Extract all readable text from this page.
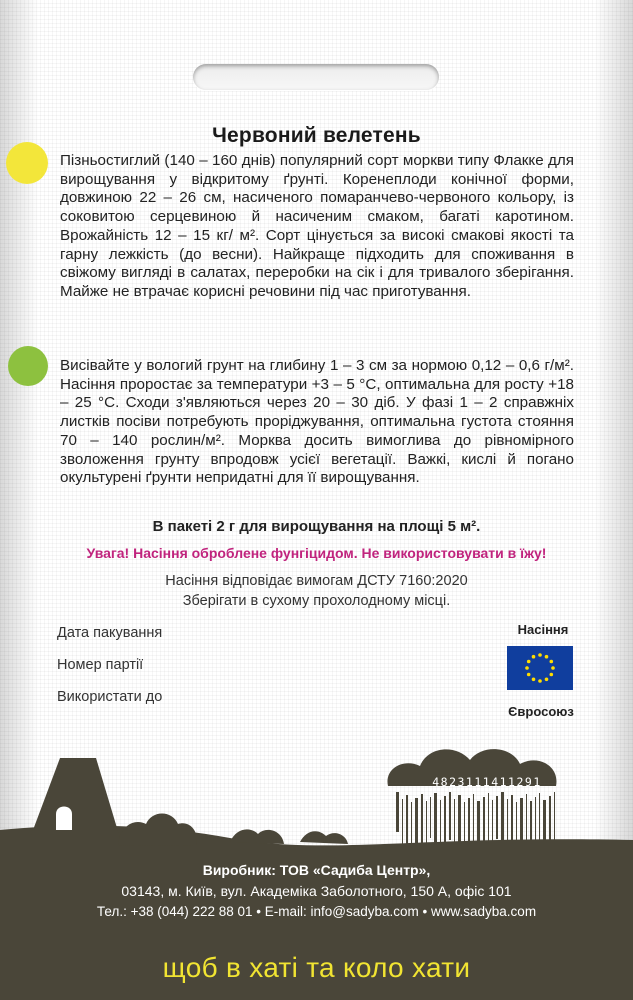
Червоний велетень

Пізньостиглий (140 – 160 днів) популярний сорт моркви типу Флакке для вирощування у відкритому ґрунті. Коренеплоди конічної форми, довжиною 22 – 26 см, насиченого помаранчево-червоного кольору, із соковитою серцевиною й насиченим смаком, багаті каротином. Врожайність 12 – 15 кг/ м². Сорт цінується за високі смакові якості та гарну лежкість (до весни). Найкраще підходить для споживання в свіжому вигляді в салатах, переробки на сік і для тривалого зберігання. Майже не втрачає корисні речовини під час приготування.

Висівайте у вологий грунт на глибину 1 – 3 см за нормою 0,12 – 0,6 г/м². Насіння проростає за температури +3 – 5 °С, оптимальна для росту +18 – 25 °С. Сходи з'являються через 20 – 30 діб. У фазі 1 – 2 справжніх листків посіви потребують проріджування, оптимальна густота стояння 70 – 140 рослин/м². Морква досить вимоглива до рівномірного зволоження грунту впродовж усієї вегетації. Важкі, кислі й погано окультурені ґрунти непридатні для її вирощування.

В пакеті 2 г для вирощування на площі 5 м².
Увага! Насіння оброблене фунгіцидом. Не використовувати в їжу!
Насіння відповідає вимогам ДСТУ 7160:2020
Зберігати в сухому прохолодному місці.
Дата пакування
Номер партії
Використати до
Насіння
Євросоюз
4823111411291
Виробник: ТОВ «Садиба Центр»,
03143, м. Київ, вул. Академіка Заболотного, 150 А, офіс 101
Тел.: +38 (044) 222 88 01 • E-mail: info@sadyba.com • www.sadyba.com
щоб в хаті та коло хати
